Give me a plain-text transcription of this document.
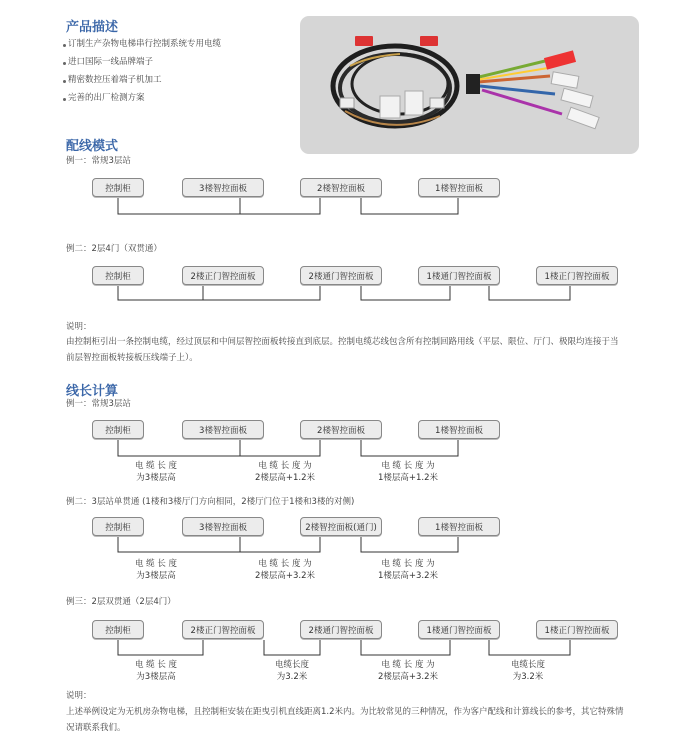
产品描述
订制生产杂物电梯串行控制系统专用电缆
进口国际一线品牌端子
精密数控压着端子机加工
完善的出厂检测方案
配线模式
例一：常规3层站
例二：2层4门（双贯通）
控制柜	3楼智控面板	2楼智控面板	1楼智控面板
控制柜	2楼正门智控面板	2楼通门智控面板	1楼通门智控面板	1楼正门智控面板
说明：
由控制柜引出一条控制电缆，经过顶层和中间层智控面板转接直到底层。控制电缆芯线包含所有控制回路用线（平层、限位、厅门、极限均连接于当前层智控面板转接板压线端子上）。
线长计算
例一：常规3层站
控制柜	3楼智控面板	2楼智控面板	1楼智控面板
电 缆 长 度
为3楼层高
电 缆 长 度 为
2楼层高+1.2米
电 缆 长 度 为
1楼层高+1.2米
例二：3层站单贯通 (1楼和3楼厅门方向相同，2楼厅门位于1楼和3楼的对侧)
控制柜	3楼智控面板	2楼智控面板(通门)	1楼智控面板
电 缆 长 度
为3楼层高
电 缆 长 度 为
2楼层高+3.2米
电 缆 长 度 为
1楼层高+3.2米
例三：2层双贯通（2层4门）
控制柜	2楼正门智控面板	2楼通门智控面板	1楼通门智控面板	1楼正门智控面板
电 缆 长 度
为3楼层高
电缆长度
为3.2米
电 缆 长 度 为
2楼层高+3.2米
电缆长度
为3.2米
说明：
上述举例设定为无机房杂物电梯，且控制柜安装在距曳引机直线距离1.2米内。为比较常见的三种情况，作为客户配线和计算线长的参考，其它特殊情况请联系我们。
